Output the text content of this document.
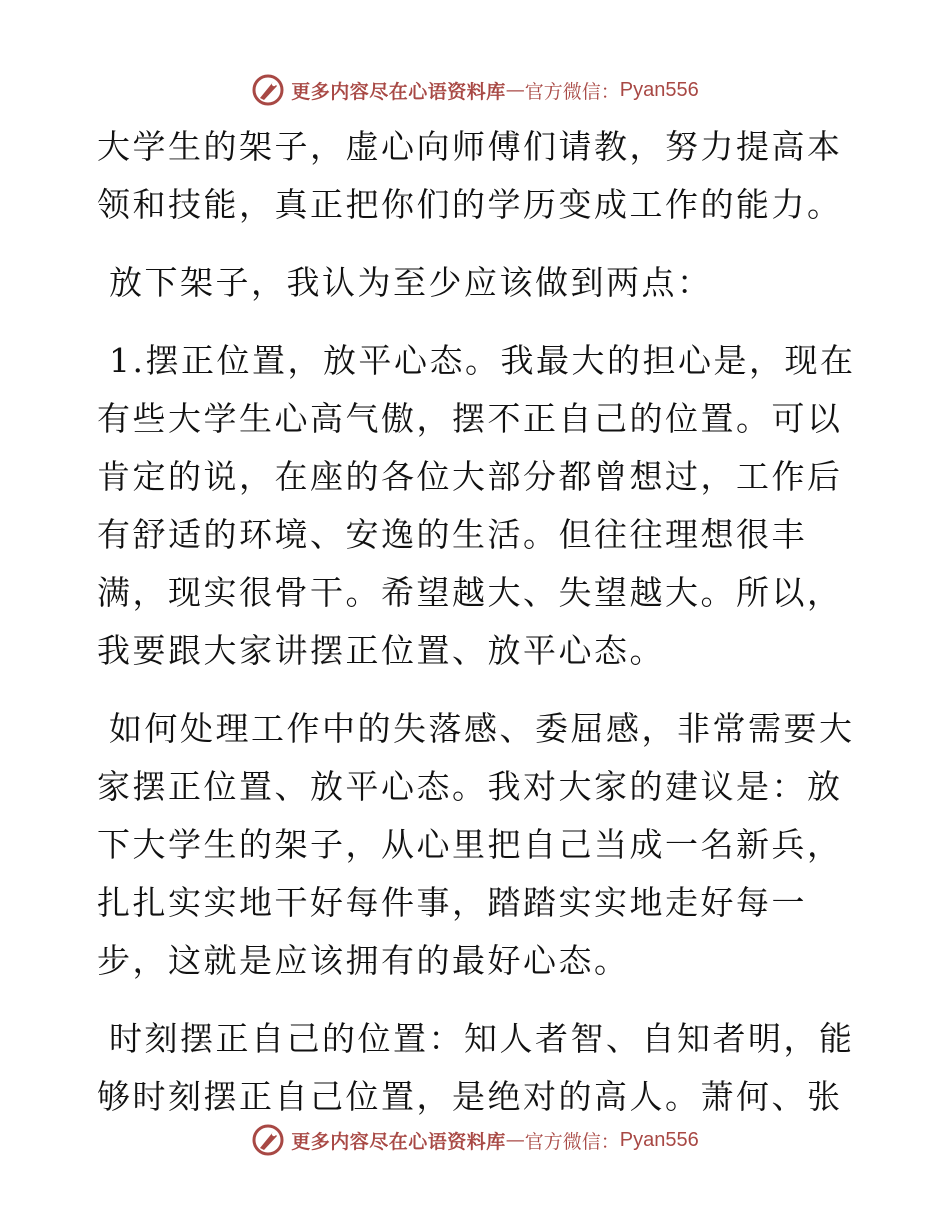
更多内容尽在心语资料库 — 官方微信： Pyan556

大学生的架子，虚心向师傅们请教，努力提高本领和技能，真正把你们的学历变成工作的能力。

放下架子，我认为至少应该做到两点：

1.摆正位置，放平心态。我最大的担心是，现在有些大学生心高气傲，摆不正自己的位置。可以肯定的说，在座的各位大部分都曾想过，工作后有舒适的环境、安逸的生活。但往往理想很丰满，现实很骨干。希望越大、失望越大。所以，我要跟大家讲摆正位置、放平心态。

如何处理工作中的失落感、委屈感，非常需要大家摆正位置、放平心态。我对大家的建议是：放下大学生的架子，从心里把自己当成一名新兵，扎扎实实地干好每件事，踏踏实实地走好每一步，这就是应该拥有的最好心态。

时刻摆正自己的位置：知人者智、自知者明，能够时刻摆正自己位置，是绝对的高人。萧何、张

更多内容尽在心语资料库 — 官方微信： Pyan556
